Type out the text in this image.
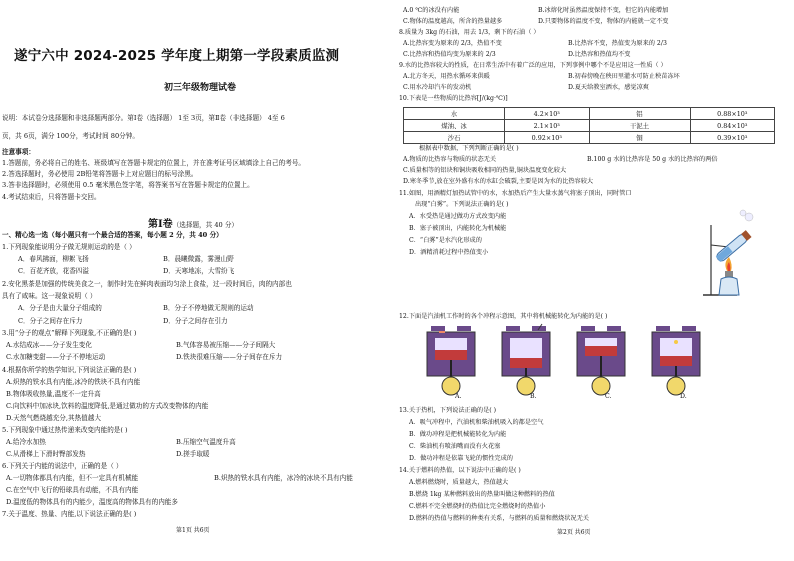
遂宁六中 2024-2025 学年度上期第一学段素质监测
初三年级物理试卷
说明：本试卷分选择题和非选择题两部分。第Ⅰ卷（选择题） 1至 3页，第Ⅱ卷（非选择题） 4至 6
页，共 6页，满分 100分，考试时间 80分钟。
注意事项：
1.答题前，务必将自己的姓名、班级填写在答题卡规定的位置上，并在准考证号区域填涂上自己的考号。
2.答选择题时，务必使用 2B铅笔将答题卡上对应题目的标号涂黑。
3.答非选择题时，必须使用 0.5 毫米黑色签字笔，将答案书写在答题卡规定的位置上。
4.考试结束后，只将答题卡交回。
第Ⅰ卷（选择题，共 40 分）
一、精心选一选（每小题只有一个最合适的答案，每小题 2 分，共 40 分）
1.下列现象能说明分子做无规则运动的是（ ）
A．春风拂面，柳絮飞扬	B．晨曦微露，雾漫山野
C．百花齐放，花香四溢	D．天寒地冻，大雪纷飞
2.安化黑茶是加强的传统美食之一，制作时先在鲜肉表面均匀涂上食盐，过一段时间后，肉的内部也
具有了咸味。这一现象说明（ ）
A．分子是由大量分子组成的	B．分子不停地做无规则的运动
C．分子之间存在斥力	D．分子之间存在引力
3.用“分子的观点”解释下列现象,不正确的是( )
A.水结成冰——分子发生变化	B.气体容易被压缩——分子间隔大
C.水加糖变甜——分子不停地运动	D.铁块很难压缩——分子间存在斥力
4.根据你所学的热学知识,下列说法正确的是( )
A.炽热的铁水具有内能,冰冷的铁块不具有内能
B.物体吸收热量,温度不一定升高
C.向饮料中加冰块,饮料的温度降低,是通过做功的方式改变物体的内能
D.天然气燃烧越充分,其热值越大
5.下列现象中通过热传递来改变内能的是( )
A.给冷水加热	B.压缩空气温度升高
C.从滑梯上下滑时臀部发热	D.搓手取暖
6.下列关于内能的说法中，正确的是（ ）
A.一切物体都具有内能，但不一定具有机械能	B.炽热的铁水具有内能，冰冷的冰块不具有内能
C.在空气中飞行的铅球具有动能，不具有内能
D.温度低的物体具有的内能少，温度高的物体具有的内能多
7.关于温度、热量、内能,以下说法正确的是( )
第1页 共6页
A.0 ℃的冰没有内能	B.冰熔化时虽然温度保持不变，但它的内能增加
C.物体的温度越高，所含的热量越多	D.只要物体的温度不变，物体的内能就一定不变
8.质量为 3kg 的石油，用去 1/3，剩下的石油（ ）
A.比热容变为原来的 2/3，热值不变	B.比热容不变，热值变为原来的 2/3
C.比热容和热值均变为原来的 2/3	D.比热容和热值均不变
9.水的比热容较大的性质，在日常生活中有着广泛的应用，下列事例中哪个不是应用这一性质（ ）
A.北方冬天，用热水循环来供暖	B.初春傍晚在秧田里灌水可防止秧苗冻坏
C.用水冷却汽车的发动机	D.夏天给教室洒水，感觉凉爽
10.下表是一些物质的比热容[J/(kg·℃)]
水	4.2×10³	铝	0.88×10³
煤油、冰	2.1×10³	干泥土	0.84×10³
沙石	0.92×10³	铜	0.39×10³
根据表中数据，下列判断正确的是( )
A.物质的比热容与物质的状态无关	B.100 g 水的比热容是 50 g 水的比热容的两倍
C.质量相等的铝块和铜块吸收相同的热量,铜块温度变化较大
D.寒冬季节,放在室外盛有水的水缸会破裂,主要是因为水的比热容较大
11.如图，用酒精灯加热试管中的水，水加热后产生大量水蒸气将塞子顶出，同时管口
出现“白雾”。下列说法正确的是( )
A．水受热是通过做功方式改变内能
B．塞子被顶出，内能转化为机械能
C．“白雾”是水汽化形成的
D．酒精消耗过程中热值变小
12.下面是汽油机工作时的各个冲程示意图，其中将机械能转化为内能的是( )
A.	B.	C.	D.
13.关于热机，下列说法正确的是( )
A．吸气冲程中，汽油机和柴油机吸入的都是空气
B．做功冲程是把机械能转化为内能
C．柴油机有喷油嘴而没有火花塞
D．做功冲程是依靠飞轮的惯性完成的
14.关于燃料的热值，以下说法中正确的是( )
A.燃料燃烧时，质量越大，热值越大
B.燃烧 1kg 某种燃料放出的热量叫做这种燃料的热值
C.燃料不完全燃烧时的热值比完全燃烧时的热值小
D.燃料的热值与燃料的种类有关系，与燃料的质量和燃烧状况无关
第2页 共6页
